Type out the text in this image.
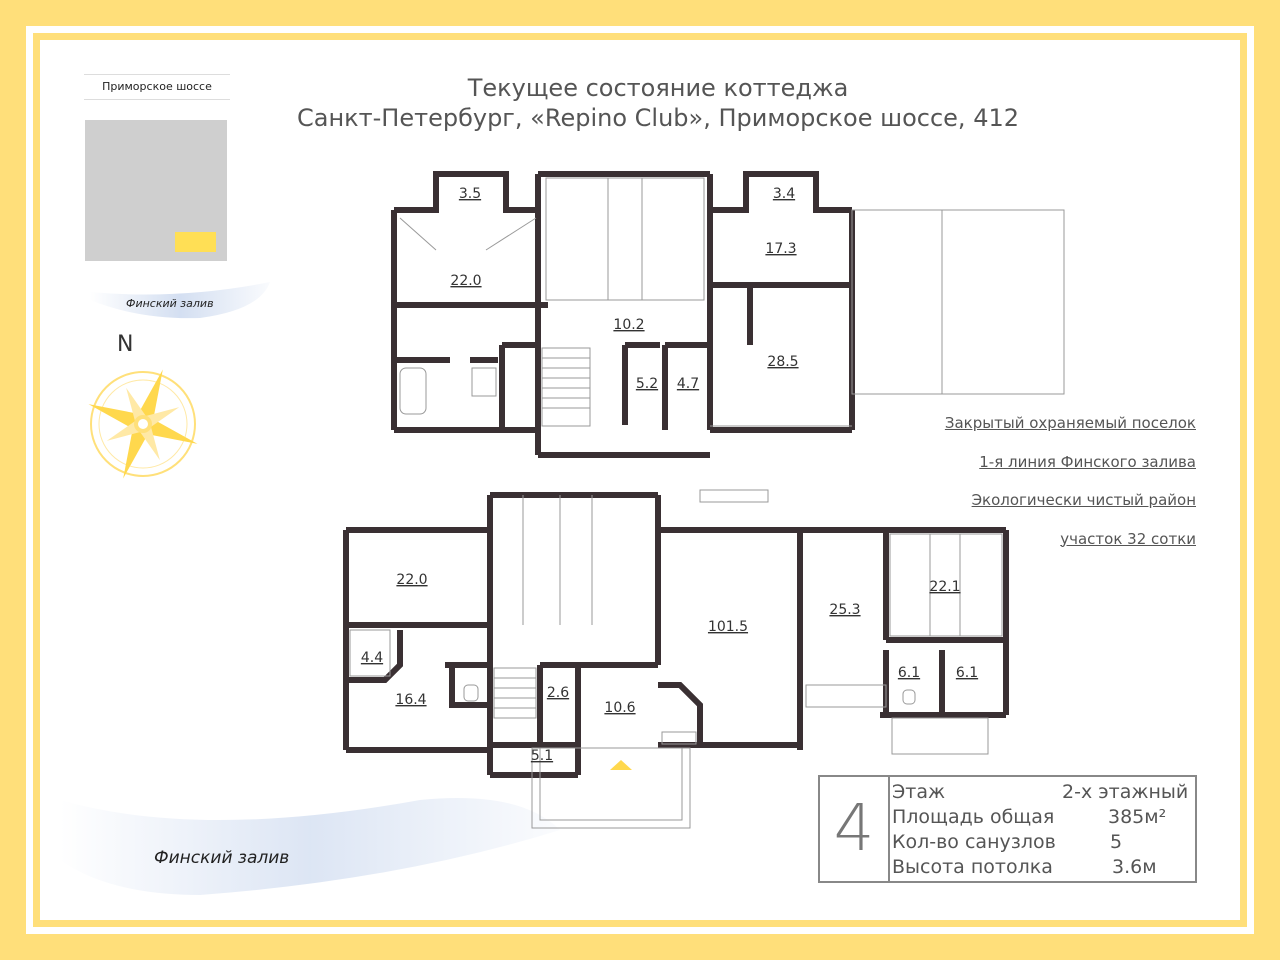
Текущее состояние коттеджа
Санкт-Петербург, «Repino Club», Приморское шоссе, 412
Приморское шоссе
3.5	3.4
22.0
17.3
10.2
28.5
5.2 4.7
22.0
101.5
25.3
22.1
4.4
16.4	2.6
10.6
6.1	6.1
5.1
Финский залив
N
Финский залив
Закрытый охраняемый поселок
1-я линия Финского залива
Экологически чистый район
участок 32 сотки
4 Этаж	2-х этажный
Площадь общая	385м²
Кол-во санузлов	5
Высота потолка	3.6м
